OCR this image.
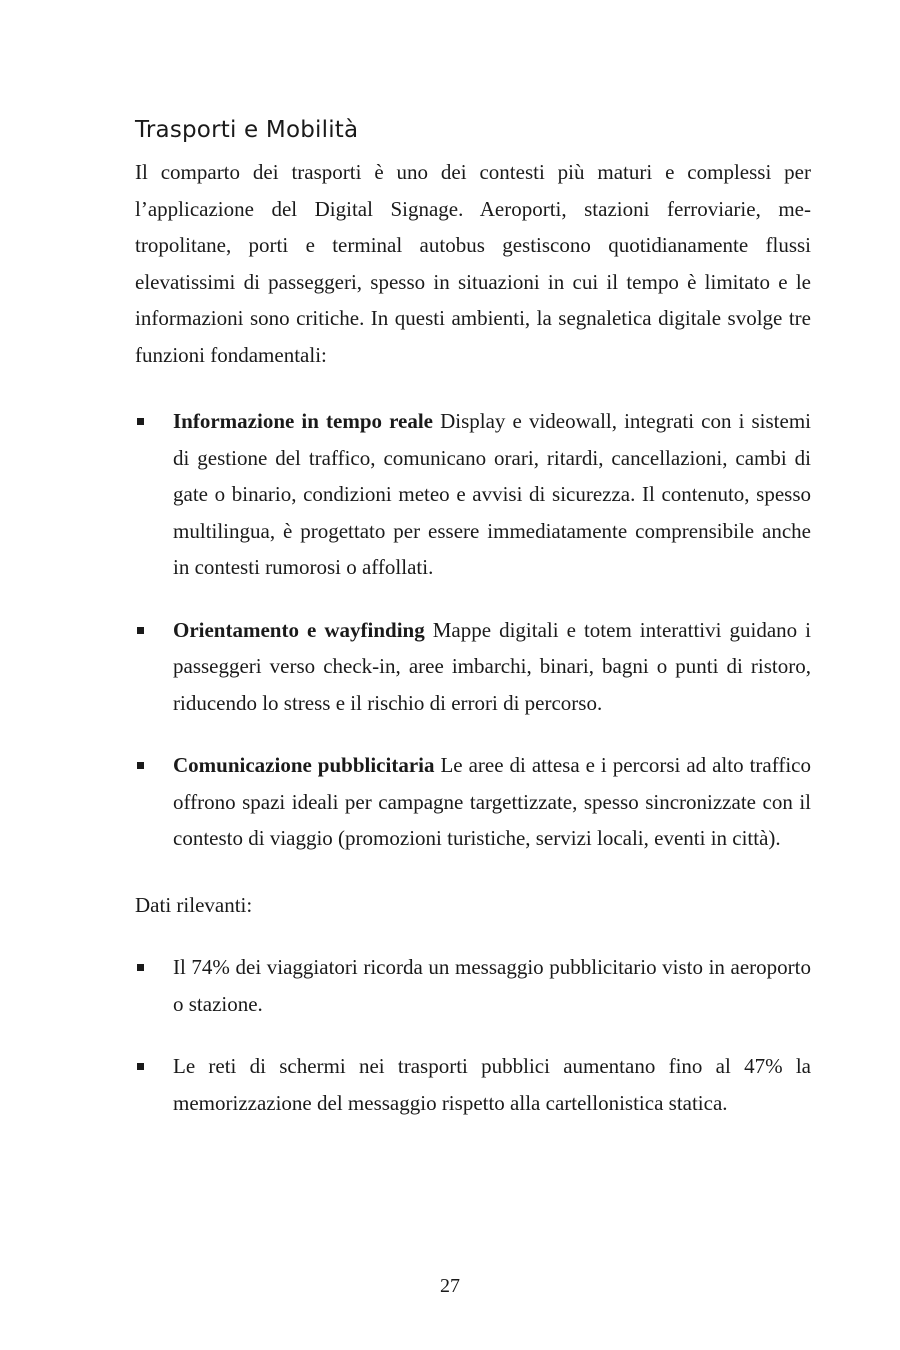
Trasporti e Mobilità

Il comparto dei trasporti è uno dei contesti più maturi e complessi per l’applicazione del Digital Signage. Aeroporti, stazioni ferroviarie, metropolitane, porti e terminal autobus gestiscono quotidianamente flussi elevatissimi di passeggeri, spesso in situazioni in cui il tempo è limitato e le informazioni sono critiche. In questi ambienti, la segnaletica digitale svolge tre funzioni fondamentali:

Informazione in tempo reale Display e videowall, integrati con i sistemi di gestione del traffico, comunicano orari, ritardi, cancellazioni, cambi di gate o binario, condizioni meteo e avvisi di sicurezza. Il contenuto, spesso multilingua, è progettato per essere immediatamente comprensibile anche in contesti rumorosi o affollati.
Orientamento e wayfinding Mappe digitali e totem interattivi guidano i passeggeri verso check-in, aree imbarchi, binari, bagni o punti di ristoro, riducendo lo stress e il rischio di errori di percorso.
Comunicazione pubblicitaria Le aree di attesa e i percorsi ad alto traffico offrono spazi ideali per campagne targettizzate, spesso sincronizzate con il contesto di viaggio (promozioni turistiche, servizi locali, eventi in città).

Dati rilevanti:

Il 74% dei viaggiatori ricorda un messaggio pubblicitario visto in aeroporto o stazione.
Le reti di schermi nei trasporti pubblici aumentano fino al 47% la memorizzazione del messaggio rispetto alla cartellonistica statica.
27
